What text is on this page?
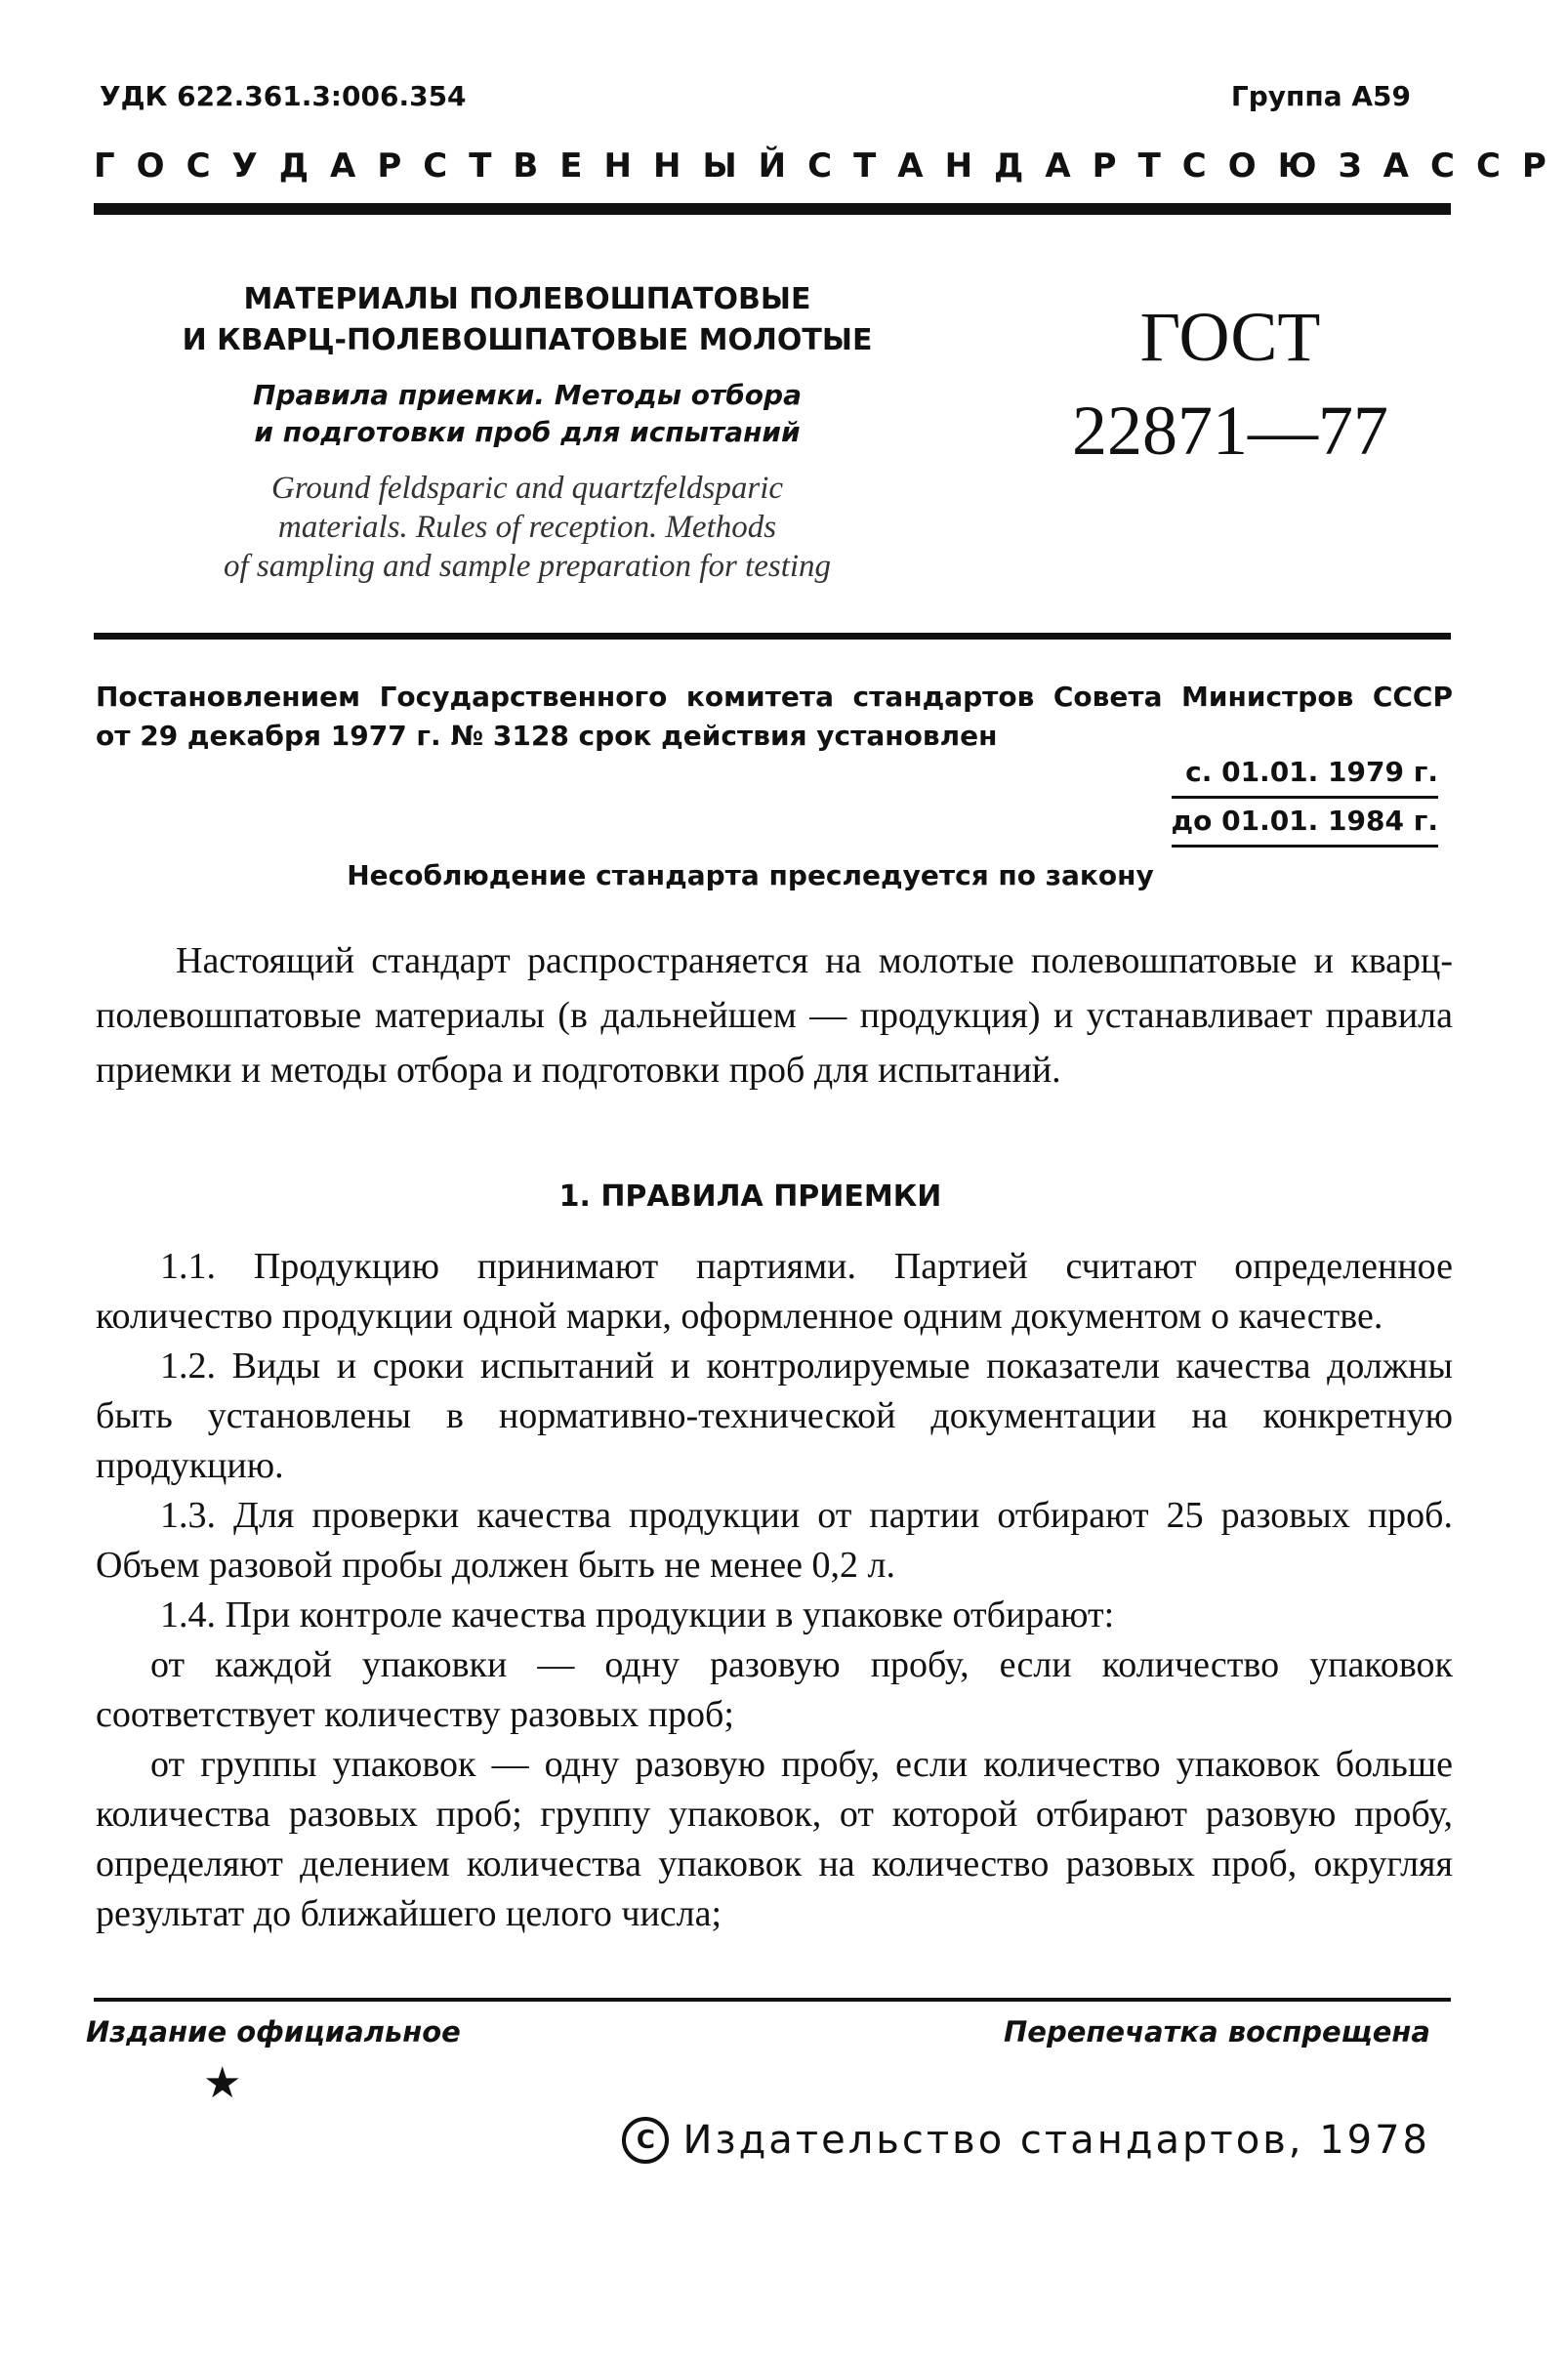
УДК 622.361.3:006.354	Группа А59
ГОСУДАРСТВЕННЫЙ СТАНДАРТ СОЮЗА ССР
МАТЕРИАЛЫ ПОЛЕВОШПАТОВЫЕ
И КВАРЦ-ПОЛЕВОШПАТОВЫЕ МОЛОТЫЕ
Правила приемки. Методы отбора
и подготовки проб для испытаний
Ground feldsparic and quartzfeldsparic
materials. Rules of reception. Methods
of sampling and sample preparation for testing
ГОСТ
22871—77
Постановлением Государственного комитета стандартов Совета Министров СССР
от 29 декабря 1977 г. № 3128 срок действия установлен
с. 01.01. 1979 г.
до 01.01. 1984 г.
Несоблюдение стандарта преследуется по закону
Настоящий стандарт распространяется на молотые полевошпатовые и кварц-полевошпатовые материалы (в дальнейшем — продукция) и устанавливает правила приемки и методы отбора и подготовки проб для испытаний.
1. ПРАВИЛА ПРИЕМКИ

1.1. Продукцию принимают партиями. Партией считают определенное количество продукции одной марки, оформленное одним документом о качестве.

1.2. Виды и сроки испытаний и контролируемые показатели качества должны быть установлены в нормативно-технической документации на конкретную продукцию.

1.3. Для проверки качества продукции от партии отбирают 25 разовых проб. Объем разовой пробы должен быть не менее 0,2 л.

1.4. При контроле качества продукции в упаковке отбирают:

от каждой упаковки — одну разовую пробу, если количество упаковок соответствует количеству разовых проб;

от группы упаковок — одну разовую пробу, если количество упаковок больше количества разовых проб; группу упаковок, от которой отбирают разовую пробу, определяют делением количества упаковок на количество разовых проб, округляя результат до ближайшего целого числа;

Издание официальное	Перепечатка воспрещена
★
C Издательство стандартов, 1978
